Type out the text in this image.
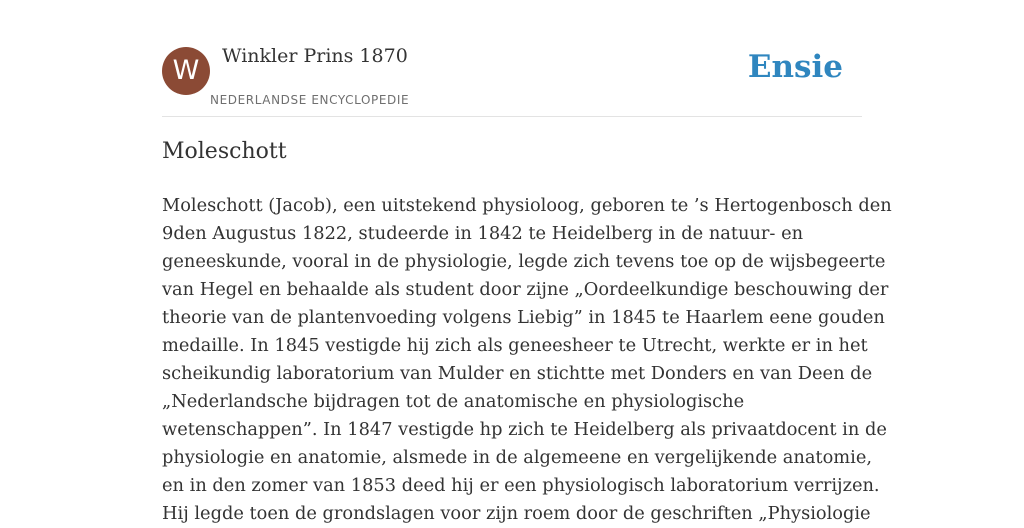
W	Winkler Prins 1870
NEDERLANDSE ENCYCLOPEDIE
Ensie
Moleschott
Moleschott (Jacob), een uitstekend physioloog, geboren te ’s Hertogenbosch den
9den Augustus 1822, studeerde in 1842 te Heidelberg in de natuur- en
geneeskunde, vooral in de physiologie, legde zich tevens toe op de wijsbegeerte
van Hegel en behaalde als student door zijne „Oordeelkundige beschouwing der
theorie van de plantenvoeding volgens Liebig” in 1845 te Haarlem eene gouden
medaille. In 1845 vestigde hij zich als geneesheer te Utrecht, werkte er in het
scheikundig laboratorium van Mulder en stichtte met Donders en van Deen de
„Nederlandsche bijdragen tot de anatomische en physiologische
wetenschappen”. In 1847 vestigde hp zich te Heidelberg als privaatdocent in de
physiologie en anatomie, alsmede in de algemeene en vergelijkende anatomie,
en in den zomer van 1853 deed hij er een physiologisch laboratorium verrijzen.
Hij legde toen de grondslagen voor zijn roem door de geschriften „Physiologie
